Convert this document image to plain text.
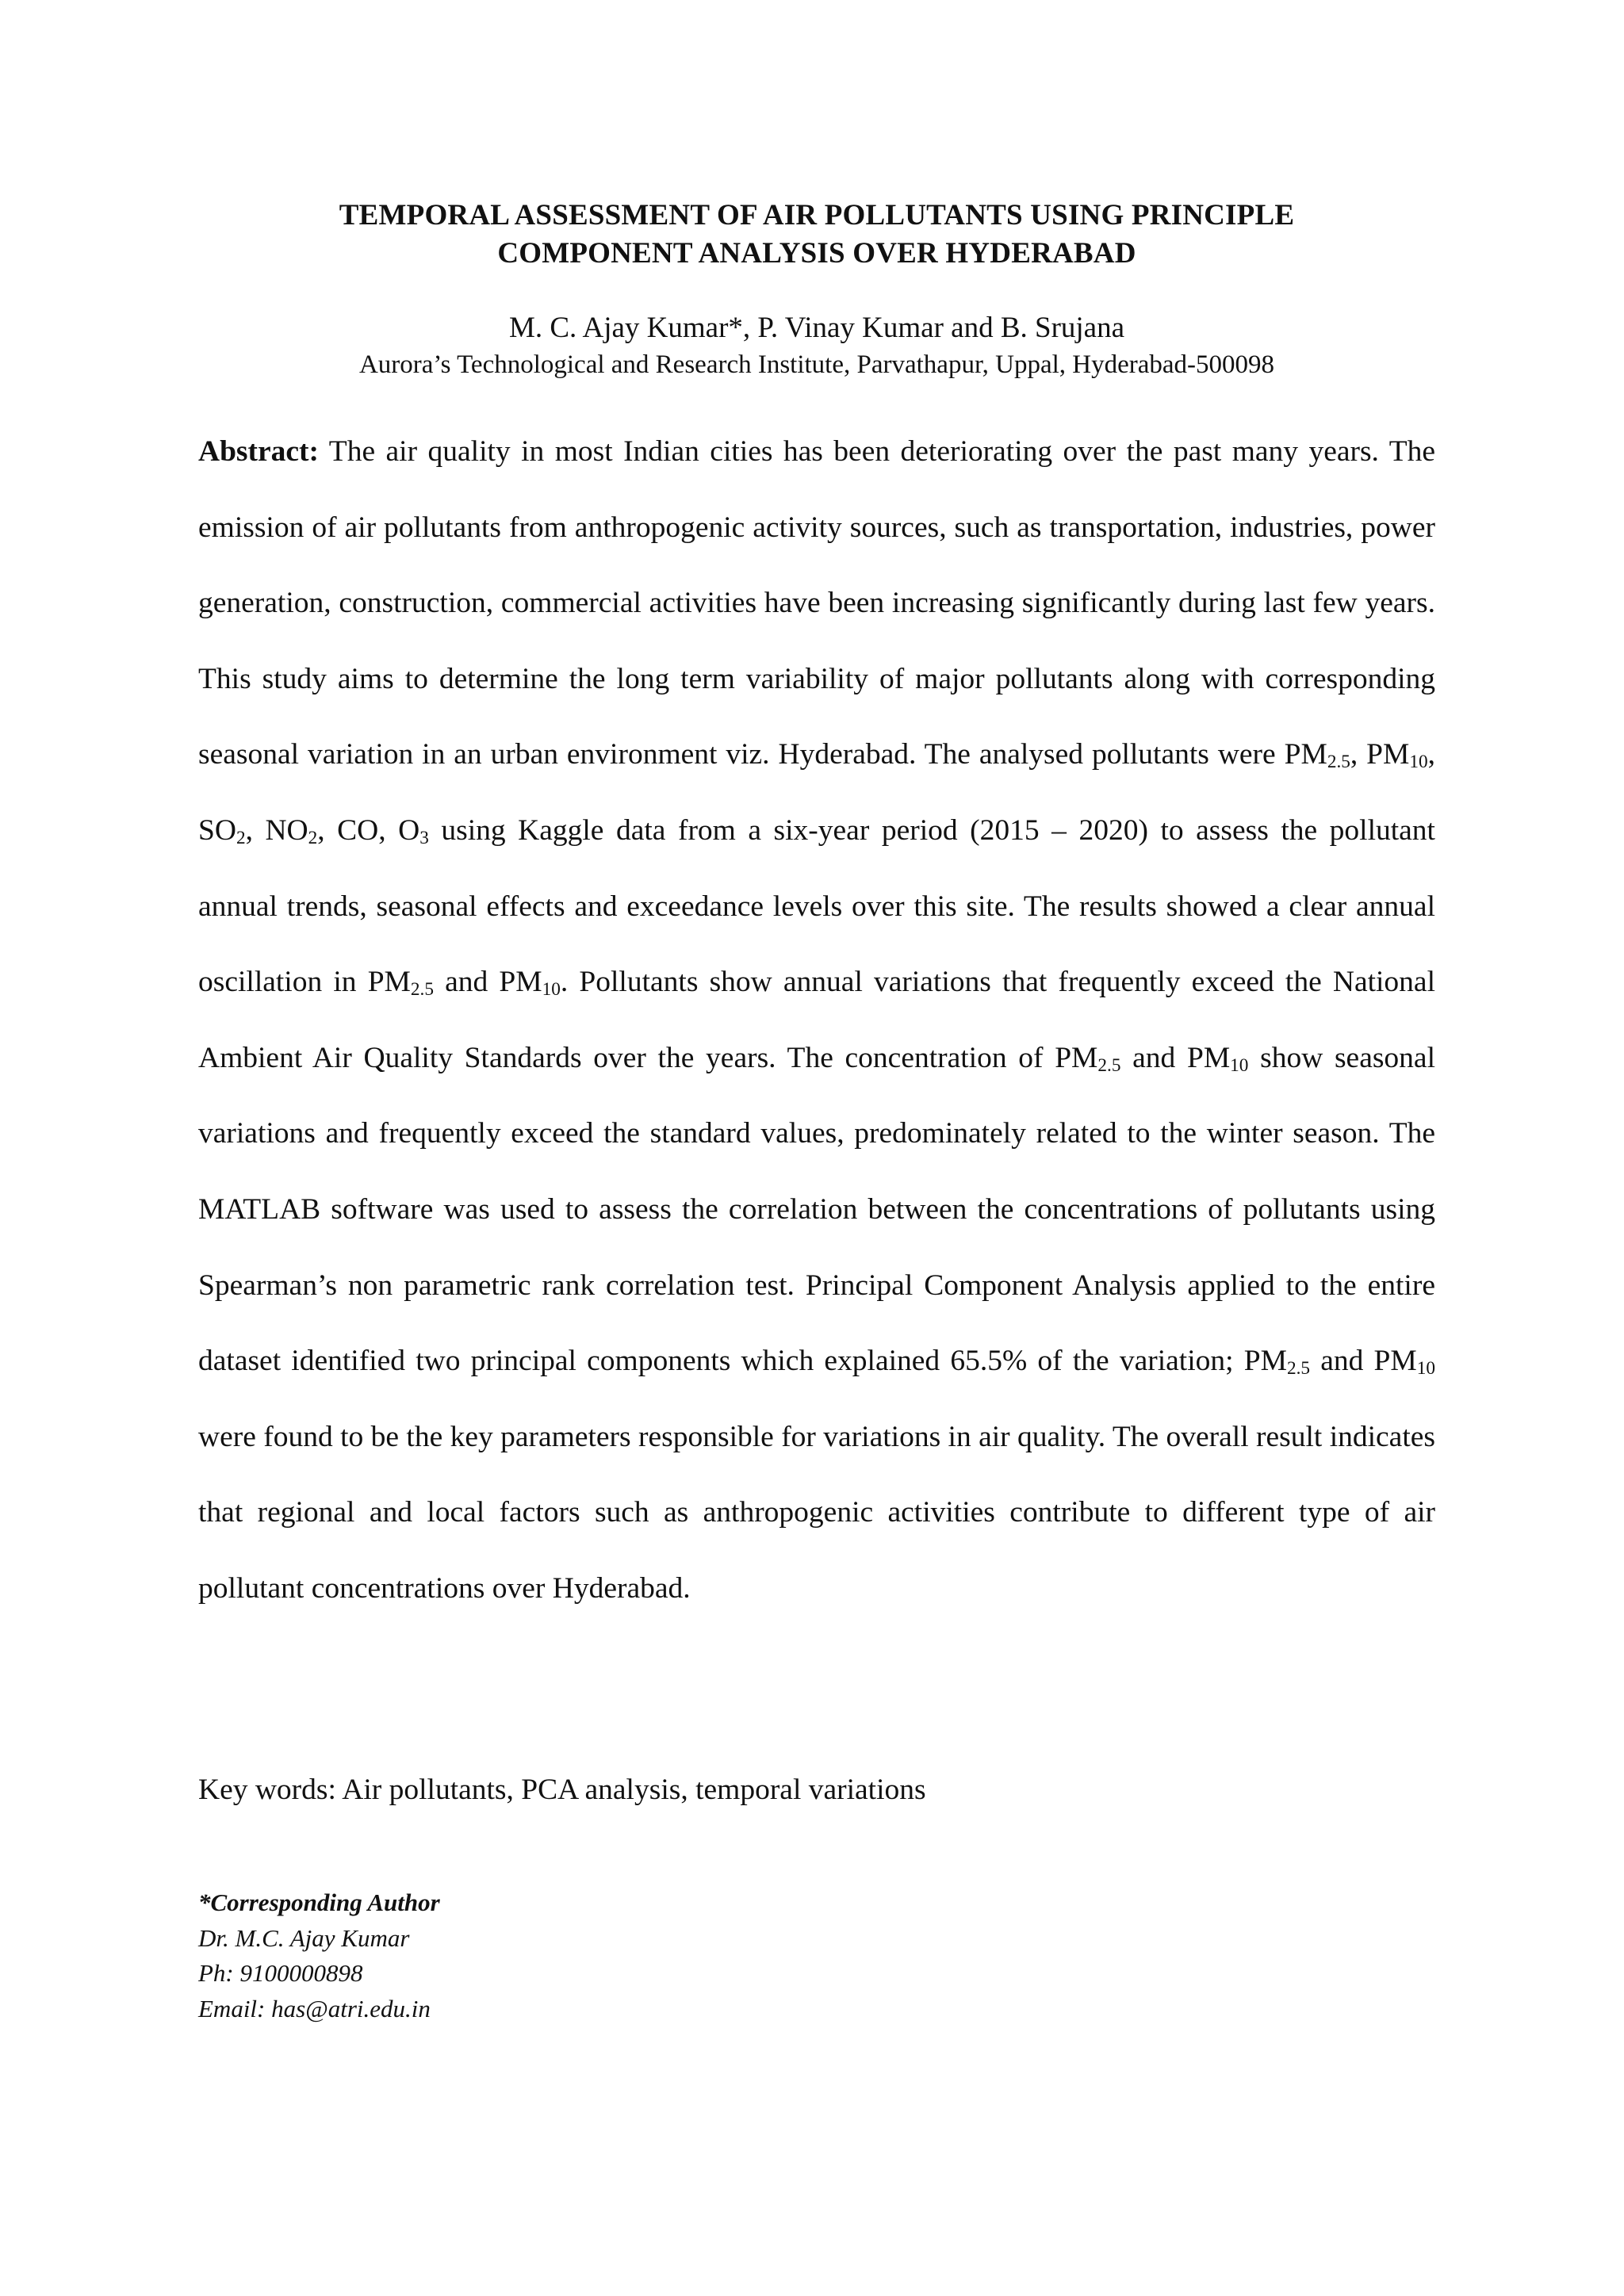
TEMPORAL ASSESSMENT OF AIR POLLUTANTS USING PRINCIPLE
COMPONENT ANALYSIS OVER HYDERABAD
M. C. Ajay Kumar*, P. Vinay Kumar and B. Srujana
Aurora’s Technological and Research Institute, Parvathapur, Uppal, Hyderabad-500098

Abstract: The air quality in most Indian cities has been deteriorating over the past many years. The emission of air pollutants from anthropogenic activity sources, such as transportation, industries, power generation, construction, commercial activities have been increasing significantly during last few years. This study aims to determine the long term variability of major pollutants along with corresponding seasonal variation in an urban environment viz. Hyderabad. The analysed pollutants were $PM_{2.5}$, $PM_{10}$, $SO_2$, $NO_2$, CO, $O_3$ using Kaggle data from a six-year period (2015 – 2020) to assess the pollutant annual trends, seasonal effects and exceedance levels over this site. The results showed a clear annual oscillation in $PM_{2.5}$ and $PM_{10}$. Pollutants show annual variations that frequently exceed the National Ambient Air Quality Standards over the years. The concentration of $PM_{2.5}$ and $PM_{10}$ show seasonal variations and frequently exceed the standard values, predominately related to the winter season. The MATLAB software was used to assess the correlation between the concentrations of pollutants using Spearman’s non parametric rank correlation test. Principal Component Analysis applied to the entire dataset identified two principal components which explained 65.5% of the variation; $PM_{2.5}$ and $PM_{10}$ were found to be the key parameters responsible for variations in air quality. The overall result indicates that regional and local factors such as anthropogenic activities contribute to different type of air pollutant concentrations over Hyderabad.

Key words: Air pollutants, PCA analysis, temporal variations
*Corresponding Author
Dr. M.C. Ajay Kumar
Ph: 9100000898
Email: has@atri.edu.in
